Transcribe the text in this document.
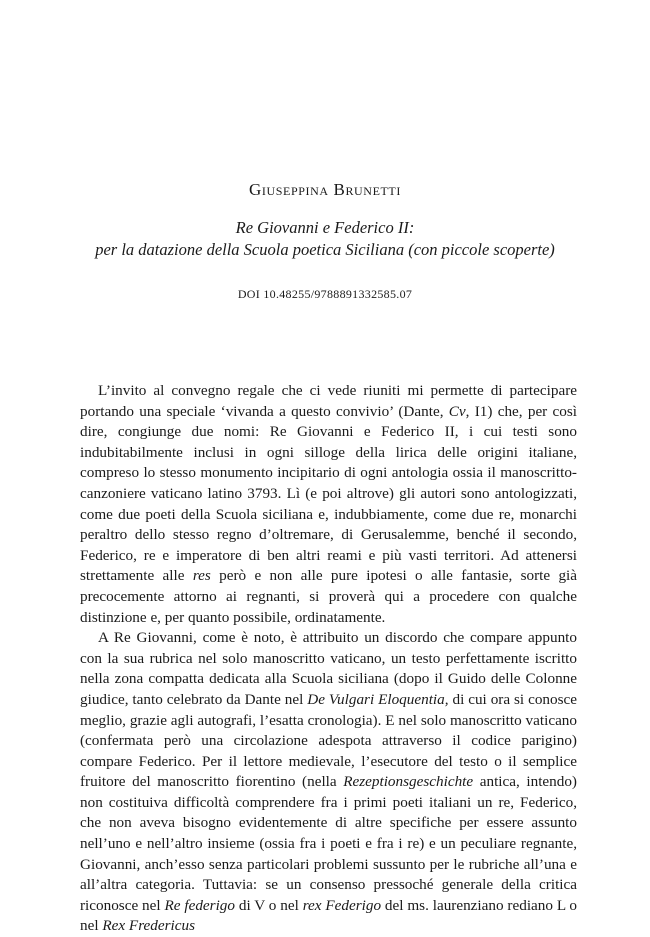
Giuseppina Brunetti
Re Giovanni e Federico II:
per la datazione della Scuola poetica Siciliana (con piccole scoperte)
DOI 10.48255/9788891332585.07

L’invito al convegno regale che ci vede riuniti mi permette di partecipare portando una speciale ‘vivanda a questo convivio’ (Dante, Cv, I1) che, per così dire, congiunge due nomi: Re Giovanni e Federico II, i cui testi sono indubitabilmente inclusi in ogni silloge della lirica delle origini italiane, compreso lo stesso monumento incipitario di ogni antologia ossia il manoscritto-canzoniere vaticano latino 3793. Lì (e poi altrove) gli autori sono antologizzati, come due poeti della Scuola siciliana e, indubbiamente, come due re, monarchi peraltro dello stesso regno d’oltremare, di Gerusalemme, benché il secondo, Federico, re e imperatore di ben altri reami e più vasti territori. Ad attenersi strettamente alle res però e non alle pure ipotesi o alle fantasie, sorte già precocemente attorno ai regnanti, si proverà qui a procedere con qualche distinzione e, per quanto possibile, ordinatamente.

A Re Giovanni, come è noto, è attribuito un discordo che compare appunto con la sua rubrica nel solo manoscritto vaticano, un testo perfettamente iscritto nella zona compatta dedicata alla Scuola siciliana (dopo il Guido delle Colonne giudice, tanto celebrato da Dante nel De Vulgari Eloquentia, di cui ora si conosce meglio, grazie agli autografi, l’esatta cronologia). E nel solo manoscritto vaticano (confermata però una circolazione adespota attraverso il codice parigino) compare Federico. Per il lettore medievale, l’esecutore del testo o il semplice fruitore del manoscritto fiorentino (nella Rezeptionsgeschichte antica, intendo) non costituiva difficoltà comprendere fra i primi poeti italiani un re, Federico, che non aveva bisogno evidentemente di altre specifiche per essere assunto nell’uno e nell’altro insieme (ossia fra i poeti e fra i re) e un peculiare regnante, Giovanni, anch’esso senza particolari problemi sussunto per le rubriche all’una e all’altra categoria. Tuttavia: se un consenso pressoché generale della critica riconosce nel Re federigo di V o nel rex Federigo del ms. laurenziano rediano L o nel Rex Fredericus
